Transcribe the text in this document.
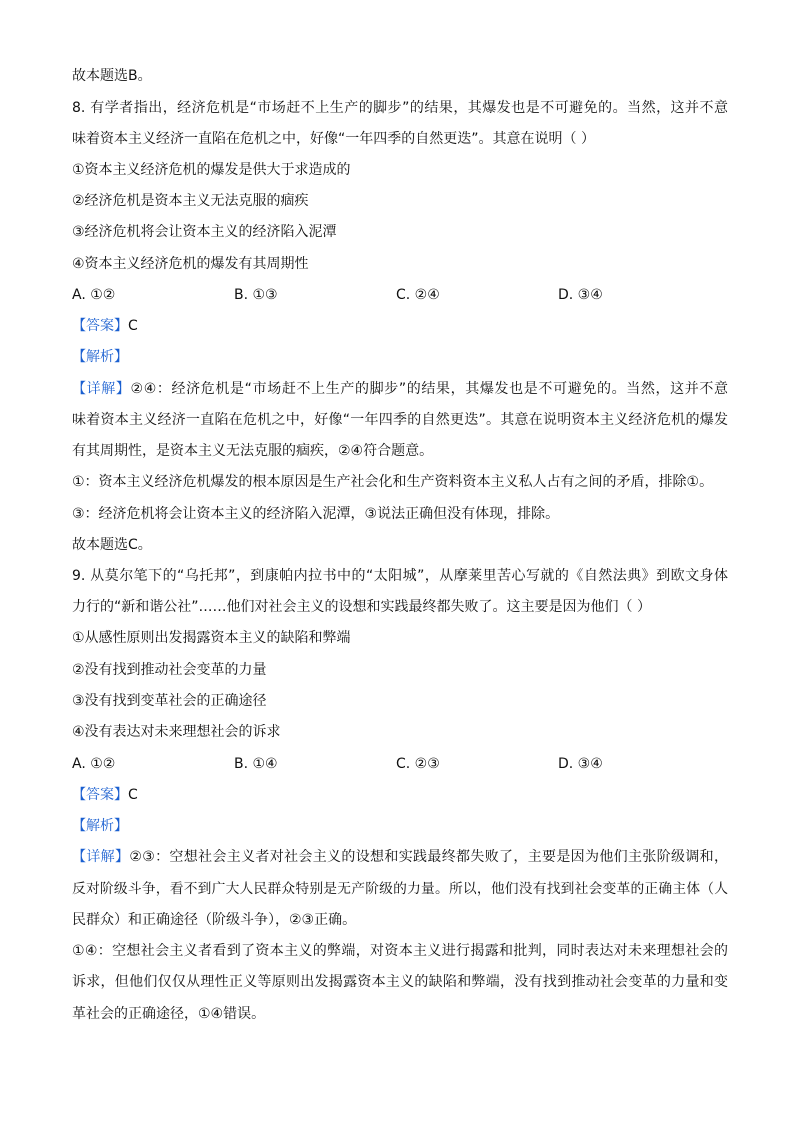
故本题选B。
8. 有学者指出，经济危机是“市场赶不上生产的脚步”的结果，其爆发也是不可避免的。当然，这并不意
味着资本主义经济一直陷在危机之中，好像“一年四季的自然更迭”。其意在说明（ ）
①资本主义经济危机的爆发是供大于求造成的
②经济危机是资本主义无法克服的痼疾
③经济危机将会让资本主义的经济陷入泥潭
④资本主义经济危机的爆发有其周期性
A. ①②	B. ①③	C. ②④	D. ③④
【答案】C
【解析】
【详解】②④：经济危机是“市场赶不上生产的脚步”的结果，其爆发也是不可避免的。当然，这并不意
味着资本主义经济一直陷在危机之中，好像“一年四季的自然更迭”。其意在说明资本主义经济危机的爆发
有其周期性，是资本主义无法克服的痼疾，②④符合题意。
①：资本主义经济危机爆发的根本原因是生产社会化和生产资料资本主义私人占有之间的矛盾，排除①。
③：经济危机将会让资本主义的经济陷入泥潭，③说法正确但没有体现，排除。
故本题选C。
9. 从莫尔笔下的“乌托邦”，到康帕内拉书中的“太阳城”，从摩莱里苦心写就的《自然法典》到欧文身体
力行的“新和谐公社”……他们对社会主义的设想和实践最终都失败了。这主要是因为他们（ ）
①从感性原则出发揭露资本主义的缺陷和弊端
②没有找到推动社会变革的力量
③没有找到变革社会的正确途径
④没有表达对未来理想社会的诉求
A. ①②	B. ①④	C. ②③	D. ③④
【答案】C
【解析】
【详解】②③：空想社会主义者对社会主义的设想和实践最终都失败了，主要是因为他们主张阶级调和，
反对阶级斗争，看不到广大人民群众特别是无产阶级的力量。所以，他们没有找到社会变革的正确主体（人
民群众）和正确途径（阶级斗争），②③正确。
①④：空想社会主义者看到了资本主义的弊端，对资本主义进行揭露和批判，同时表达对未来理想社会的
诉求，但他们仅仅从理性正义等原则出发揭露资本主义的缺陷和弊端，没有找到推动社会变革的力量和变
革社会的正确途径，①④错误。
